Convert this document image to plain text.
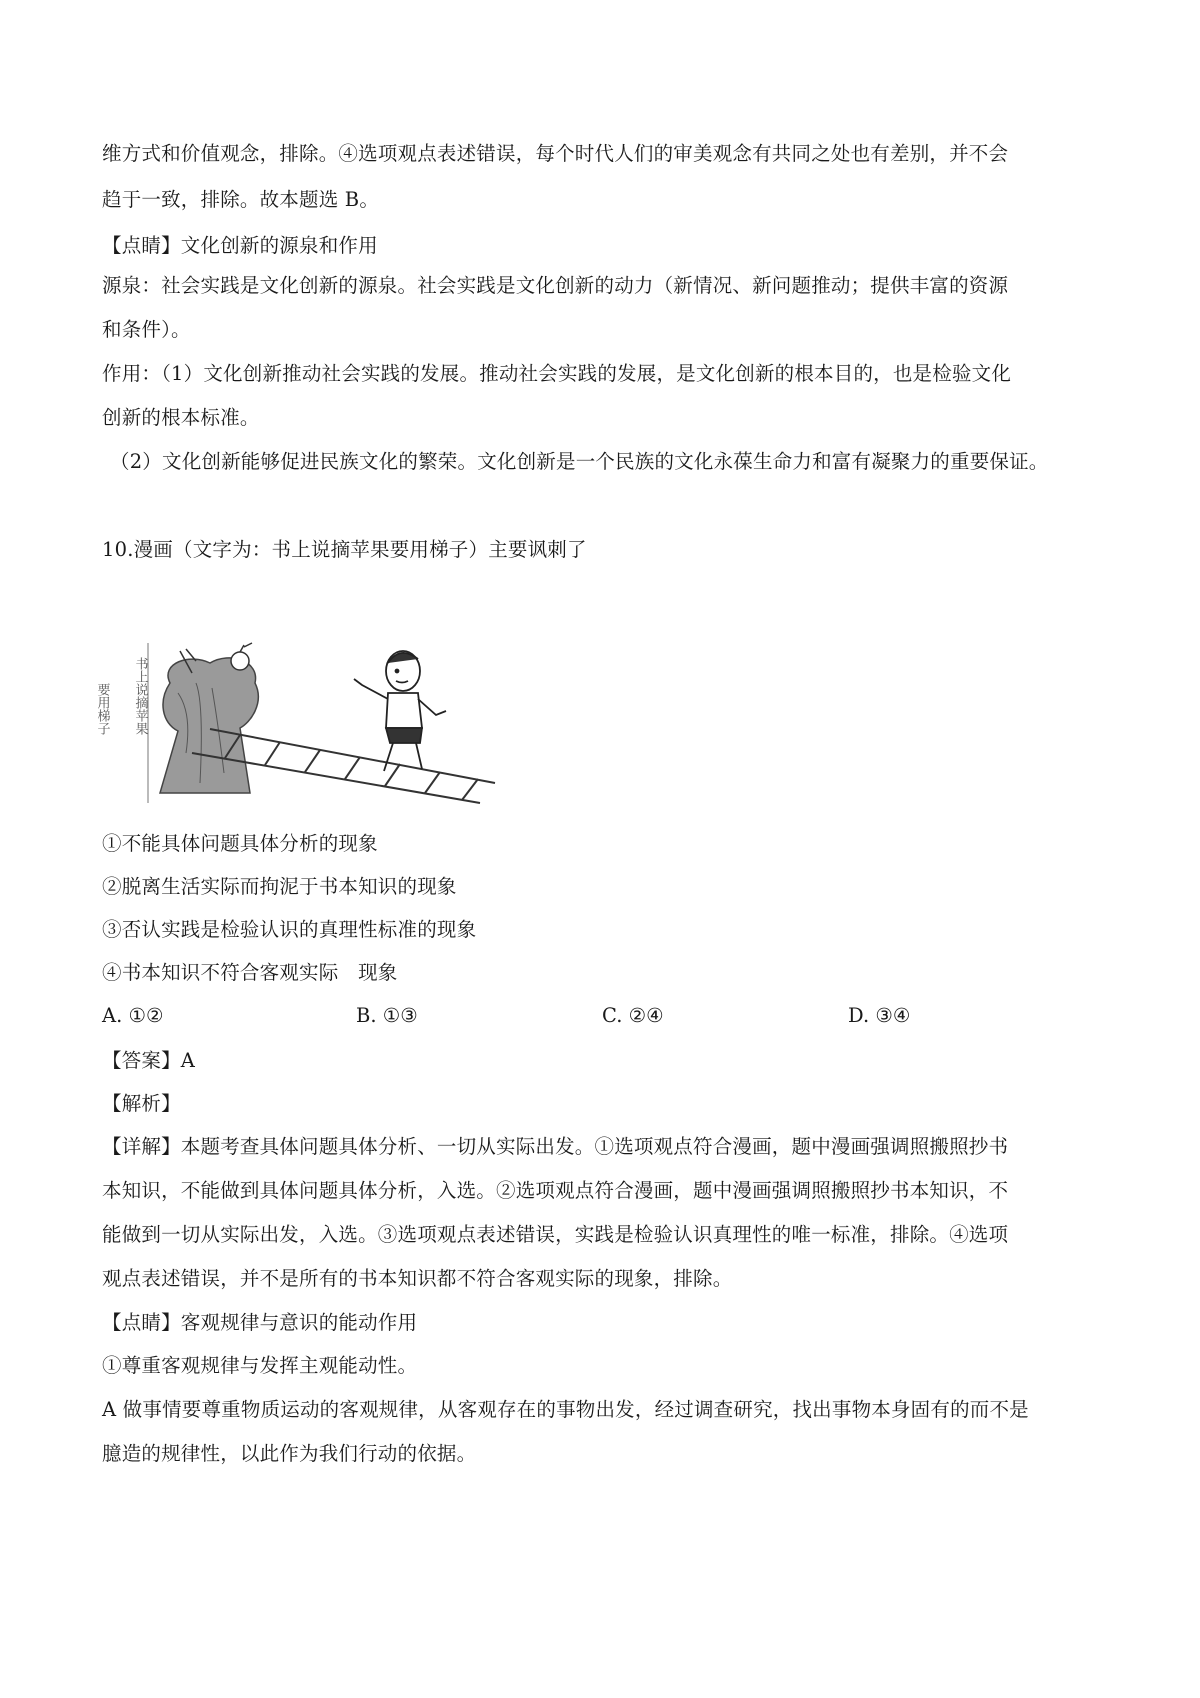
维方式和价值观念，排除。④选项观点表述错误，每个时代人们的审美观念有共同之处也有差别，并不会
趋于一致，排除。故本题选 B。
【点睛】文化创新的源泉和作用
源泉：社会实践是文化创新的源泉。社会实践是文化创新的动力（新情况、新问题推动；提供丰富的资源
和条件）。
作用：（1）文化创新推动社会实践的发展。推动社会实践的发展，是文化创新的根本目的，也是检验文化
创新的根本标准。
（2）文化创新能够促进民族文化的繁荣。文化创新是一个民族的文化永葆生命力和富有凝聚力的重要保证。
10.漫画（文字为：书上说摘苹果要用梯子）主要讽刺了
要用梯子 书上说摘苹果
①不能具体问题具体分析的现象
②脱离生活实际而拘泥于书本知识的现象
③否认实践是检验认识的真理性标准的现象
④书本知识不符合客观实际　现象
A. ①②	B. ①③	C. ②④	D. ③④
【答案】A
【解析】
【详解】本题考查具体问题具体分析、一切从实际出发。①选项观点符合漫画，题中漫画强调照搬照抄书
本知识，不能做到具体问题具体分析，入选。②选项观点符合漫画，题中漫画强调照搬照抄书本知识，不
能做到一切从实际出发，入选。③选项观点表述错误，实践是检验认识真理性的唯一标准，排除。④选项
观点表述错误，并不是所有的书本知识都不符合客观实际的现象，排除。
【点睛】客观规律与意识的能动作用
①尊重客观规律与发挥主观能动性。
A 做事情要尊重物质运动的客观规律，从客观存在的事物出发，经过调查研究，找出事物本身固有的而不是
臆造的规律性，以此作为我们行动的依据。
